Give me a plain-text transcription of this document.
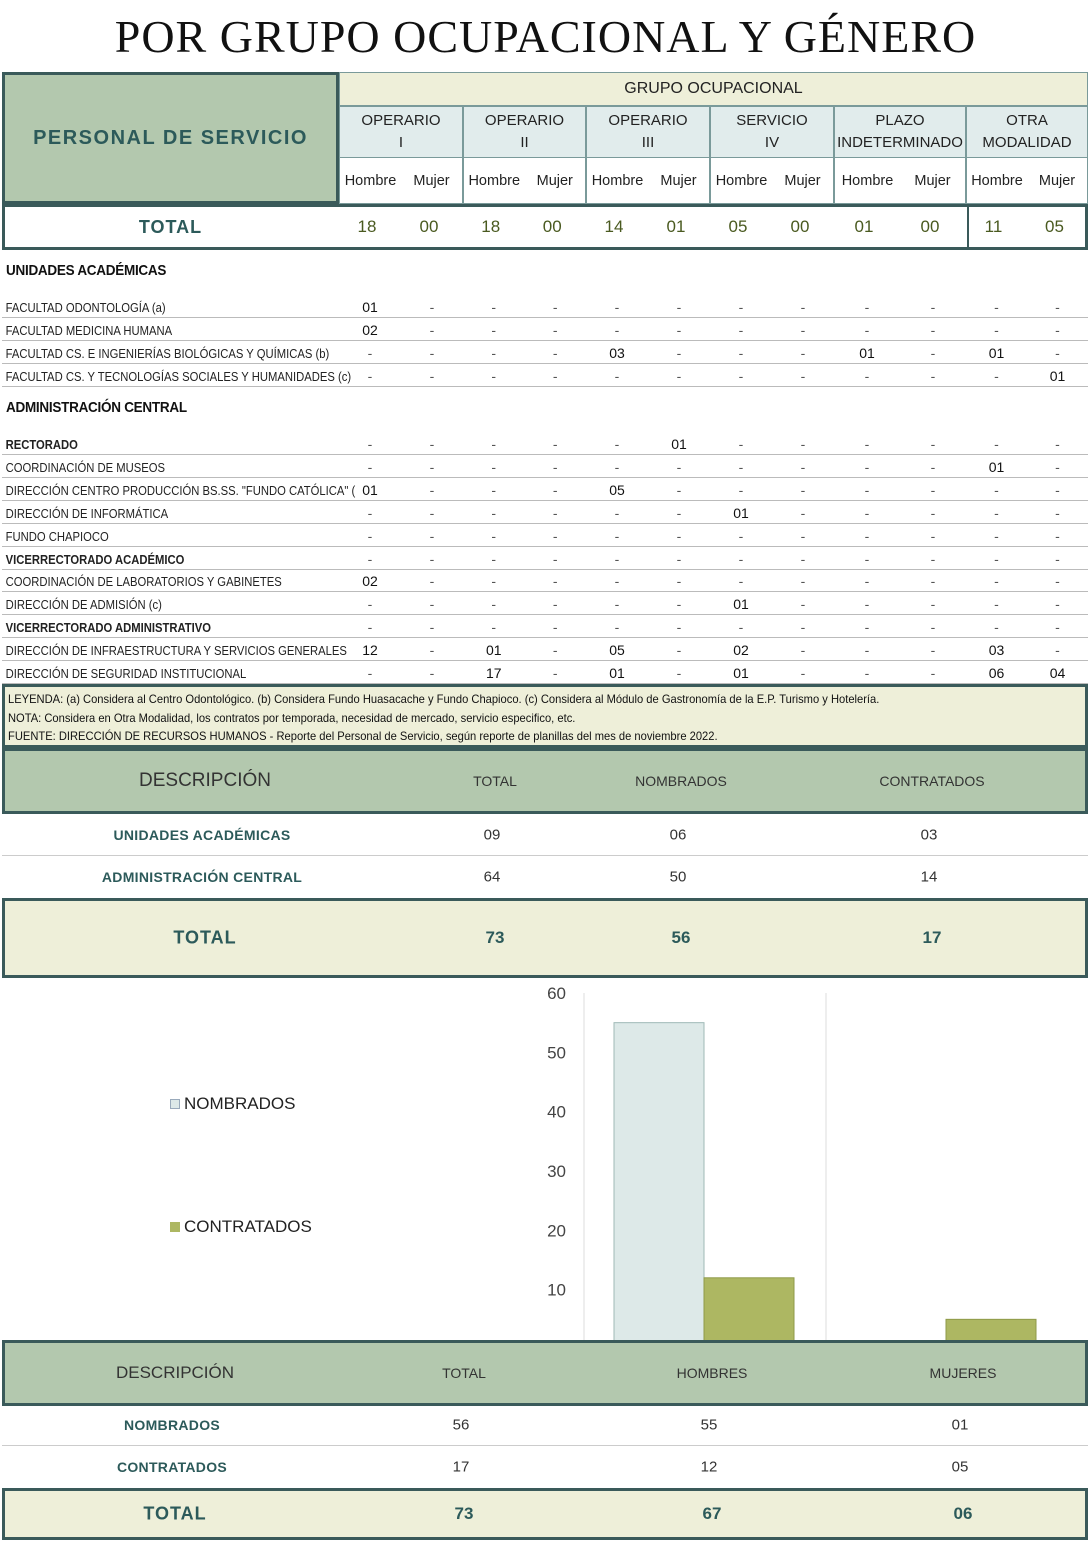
POR GRUPO OCUPACIONAL Y GÉNERO
PERSONAL DE SERVICIO
GRUPO OCUPACIONAL
OPERARIO
I
Hombre	Mujer
OPERARIO
II
Hombre	Mujer
OPERARIO
III
Hombre	Mujer
SERVICIO
IV
Hombre	Mujer
PLAZO
INDETERMINADO
Hombre	Mujer
OTRA
MODALIDAD
Hombre	Mujer
TOTAL	18	00	18	00	14	01	05	00	01	00	11	05
UNIDADES ACADÉMICAS
FACULTAD ODONTOLOGÍA (a)	01	-	-	-	-	-	-	-	-	-	-	-
FACULTAD MEDICINA HUMANA	02	-	-	-	-	-	-	-	-	-	-	-
FACULTAD CS. E INGENIERÍAS BIOLÓGICAS Y QUÍMICAS (b)	-	-	-	-	03	-	-	-	01	-	01	-
FACULTAD CS. Y TECNOLOGÍAS SOCIALES Y HUMANIDADES (c)	-	-	-	-	-	-	-	-	-	-	-	01
ADMINISTRACIÓN CENTRAL
RECTORADO	-	-	-	-	-	01	-	-	-	-	-	-
COORDINACIÓN DE MUSEOS	-	-	-	-	-	-	-	-	-	-	01	-
DIRECCIÓN CENTRO PRODUCCIÓN BS.SS. "FUNDO CATÓLICA" ( 01	-	-	-	05	-	-	-	-	-	-	-
DIRECCIÓN DE INFORMÁTICA	-	-	-	-	-	-	01	-	-	-	-	-
FUNDO CHAPIOCO	-	-	-	-	-	-	-	-	-	-	-	-
VICERRECTORADO ACADÉMICO	-	-	-	-	-	-	-	-	-	-	-	-
COORDINACIÓN DE LABORATORIOS Y GABINETES	02	-	-	-	-	-	-	-	-	-	-	-
DIRECCIÓN DE ADMISIÓN (c)	-	-	-	-	-	-	01	-	-	-	-	-
VICERRECTORADO ADMINISTRATIVO	-	-	-	-	-	-	-	-	-	-	-	-
DIRECCIÓN DE INFRAESTRUCTURA Y SERVICIOS GENERALES	12	-	01	-	05	-	02	-	-	-	03	-
DIRECCIÓN DE SEGURIDAD INSTITUCIONAL	-	-	17	-	01	-	01	-	-	-	06	04
LEYENDA: (a) Considera al Centro Odontológico. (b) Considera Fundo Huasacache y Fundo Chapioco. (c) Considera al Módulo de Gastronomía de la E.P. Turismo y Hotelería.
NOTA: Considera en Otra Modalidad, los contratos por temporada, necesidad de mercado, servicio especifico, etc.
FUENTE: DIRECCIÓN DE RECURSOS HUMANOS - Reporte del Personal de Servicio, según reporte de planillas del mes de noviembre 2022.
DESCRIPCIÓN	TOTAL	NOMBRADOS	CONTRATADOS
UNIDADES ACADÉMICAS	09	06	03
ADMINISTRACIÓN CENTRAL	64	50	14
TOTAL	73	56	17
NOMBRADOS
CONTRATADOS
10
20
30
40
50
60
DESCRIPCIÓN	TOTAL	HOMBRES	MUJERES
NOMBRADOS	56	55	01
CONTRATADOS	17	12	05
TOTAL	73	67	06
